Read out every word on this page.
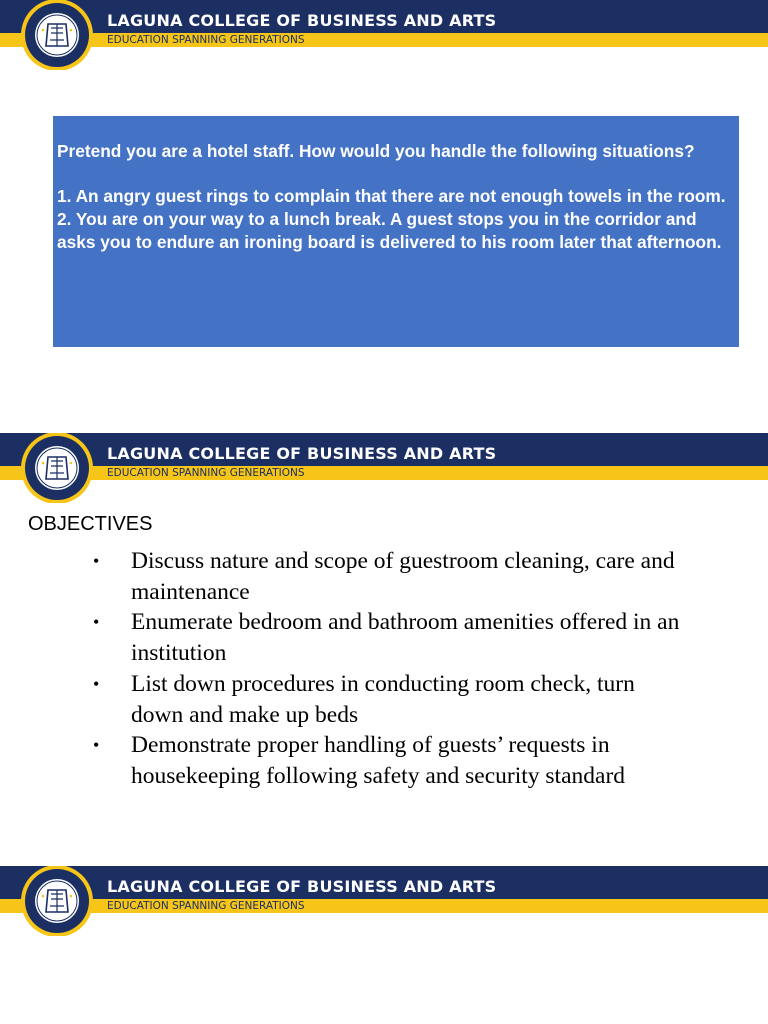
LAGUNA COLLEGE OF BUSINESS AND ARTS
EDUCATION SPANNING GENERATIONS

Pretend you are a hotel staff. How would you handle the following situations?

1. An angry guest rings to complain that there are not enough towels in the room.

2. You are on your way to a lunch break. A guest stops you in the corridor and asks you to endure an ironing board is delivered to his room later that afternoon.

LAGUNA COLLEGE OF BUSINESS AND ARTS
EDUCATION SPANNING GENERATIONS
OBJECTIVES
• Discuss nature and scope of guestroom cleaning, care and maintenance
• Enumerate bedroom and bathroom amenities offered in an institution
• List down procedures in conducting room check, turn down and make up beds
• Demonstrate proper handling of guests’ requests in housekeeping following safety and security standard
LAGUNA COLLEGE OF BUSINESS AND ARTS
EDUCATION SPANNING GENERATIONS
